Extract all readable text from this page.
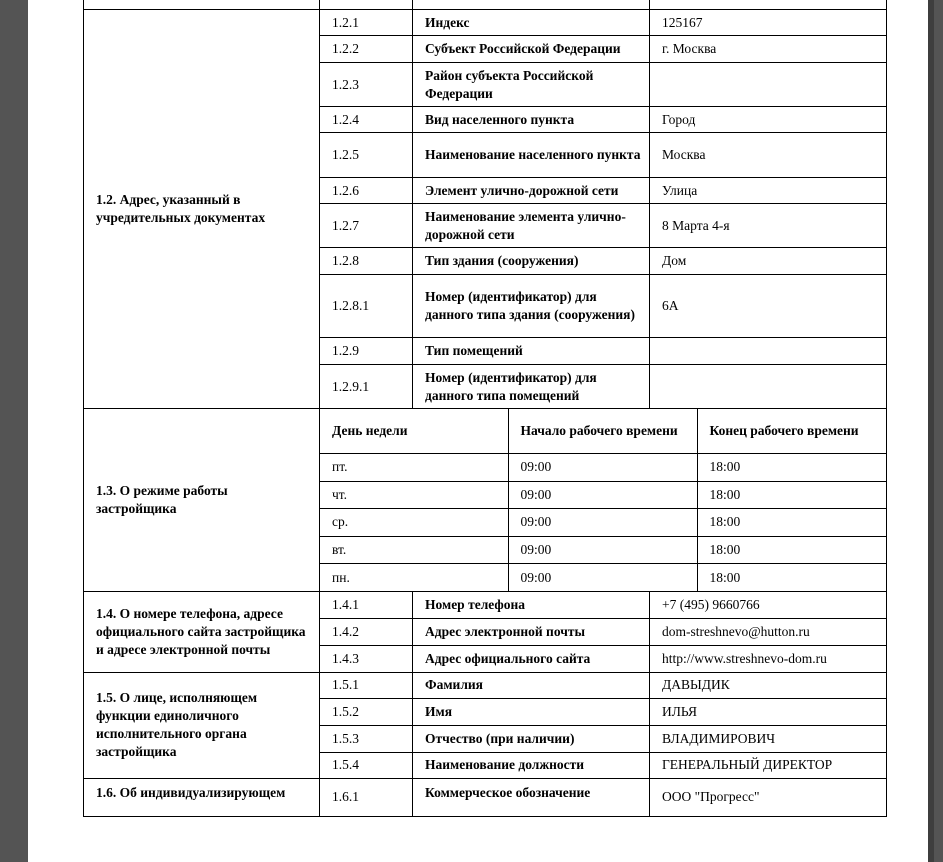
1.2. Адрес, указанный в учредительных документах	1.2.1	Индекс	125167
1.2.2	Субъект Российской Федерации	г. Москва
1.2.3	Район субъекта Российской Федерации	
1.2.4	Вид населенного пункта	Город
1.2.5	Наименование населенного пункта	Москва
1.2.6	Элемент улично-дорожной сети	Улица
1.2.7	Наименование элемента улично-дорожной сети	8 Марта 4-я
1.2.8	Тип здания (сооружения)	Дом
1.2.8.1	Номер (идентификатор) для данного типа здания (сооружения)	6А
1.2.9	Тип помещений	
1.2.9.1	Номер (идентификатор) для данного типа помещений	
1.3. О режиме работы застройщика	
День недели	Начало рабочего времени	Конец рабочего времени
пт.	09:00	18:00
чт.	09:00	18:00
ср.	09:00	18:00
вт.	09:00	18:00
пн.	09:00	18:00

1.4. О номере телефона, адресе официального сайта застройщика и адресе электронной почты	1.4.1	Номер телефона	+7 (495) 9660766
1.4.2	Адрес электронной почты	dom-streshnevo@hutton.ru
1.4.3	Адрес официального сайта	http://www.streshnevo-dom.ru
1.5. О лице, исполняющем функции единоличного исполнительного органа застройщика	1.5.1	Фамилия	ДАВЫДИК
1.5.2	Имя	ИЛЬЯ
1.5.3	Отчество (при наличии)	ВЛАДИМИРОВИЧ
1.5.4	Наименование должности	ГЕНЕРАЛЬНЫЙ ДИРЕКТОР
1.6. Об индивидуализирующем	1.6.1	Коммерческое обозначение	ООО "Прогресс"
